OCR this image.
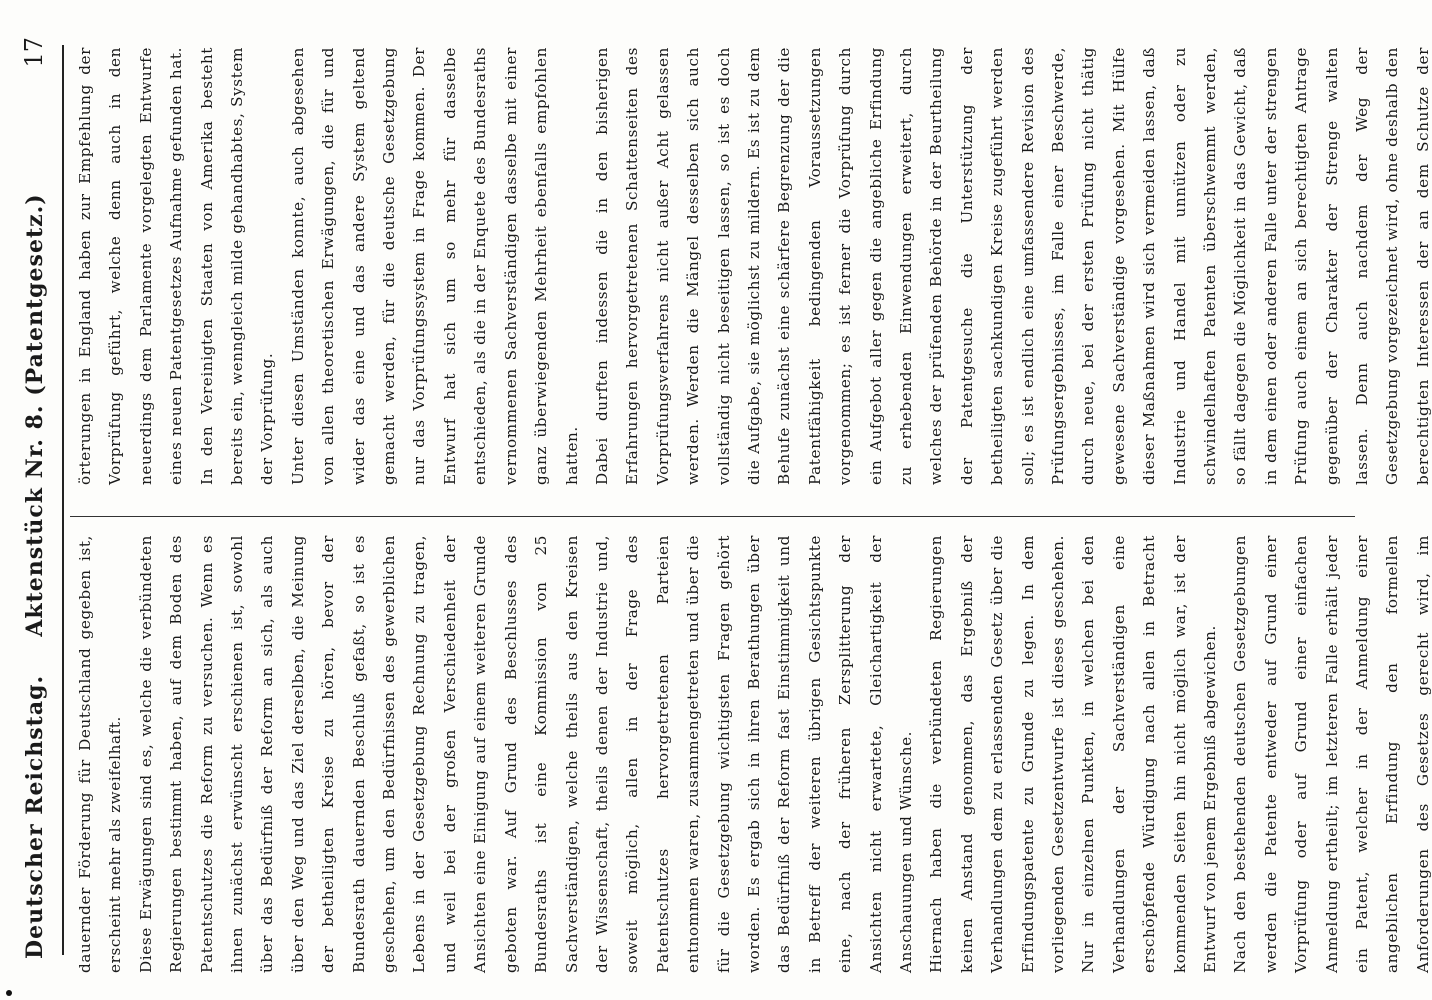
Deutscher Reichstag.
Aktenstück Nr. 8. (Patentgesetz.)
17

dauernder Förderung für Deutschland gegeben ist, erscheint mehr als zweifelhaft. Diese Erwägungen sind es, welche die verbündeten Regierungen bestimmt haben, auf dem Boden des Patentschutzes die Reform zu versuchen. Wenn es ihnen zunächst erwünscht erschienen ist, sowohl über das Bedürfniß der Reform an sich, als auch über den Weg und das Ziel derselben, die Meinung der betheiligten Kreise zu hören, bevor der Bundesrath dauernden Beschluß gefaßt, so ist es geschehen, um den Bedürfnissen des gewerblichen Lebens in der Gesetzgebung Rechnung zu tragen, und weil bei der großen Verschiedenheit der Ansichten eine Einigung auf einem weiteren Grunde geboten war. Auf Grund des Beschlusses des Bundesraths ist eine Kommission von 25 Sachverständigen, welche theils aus den Kreisen der Wissenschaft, theils denen der Industrie und, soweit möglich, allen in der Frage des Patentschutzes hervorgetretenen Parteien entnommen waren, zusammengetreten und über die für die Gesetzgebung wichtigsten Fragen gehört worden. Es ergab sich in ihren Berathungen über das Bedürfniß der Reform fast Einstimmigkeit und in Betreff der weiteren übrigen Gesichtspunkte eine, nach der früheren Zersplitterung der Ansichten nicht erwartete, Gleichartigkeit der Anschauungen und Wünsche. Hiernach haben die verbündeten Regierungen keinen Anstand genommen, das Ergebniß der Verhandlungen dem zu erlassenden Gesetz über die Erfindungspatente zu Grunde zu legen. In dem vorliegenden Gesetzentwurfe ist dieses geschehen. Nur in einzelnen Punkten, in welchen bei den Verhandlungen der Sachverständigen eine erschöpfende Würdigung nach allen in Betracht kommenden Seiten hin nicht möglich war, ist der Entwurf von jenem Ergebniß abgewichen. Nach den bestehenden deutschen Gesetzgebungen werden die Patente entweder auf Grund einer Vorprüfung oder auf Grund einer einfachen Anmeldung ertheilt; im letzteren Falle erhält jeder ein Patent, welcher in der Anmeldung einer angeblichen Erfindung den formellen Anforderungen des Gesetzes gerecht wird, im

örterungen in England haben zur Empfehlung der Vorprüfung geführt, welche denn auch in den neuerdings dem Parlamente vorgelegten Entwurfe eines neuen Patentgesetzes Aufnahme gefunden hat. In den Vereinigten Staaten von Amerika besteht bereits ein, wenngleich milde gehandhabtes, System der Vorprüfung. Unter diesen Umständen konnte, auch abgesehen von allen theoretischen Erwägungen, die für und wider das eine und das andere System geltend gemacht werden, für die deutsche Gesetzgebung nur das Vorprüfungssystem in Frage kommen. Der Entwurf hat sich um so mehr für dasselbe entschieden, als die in der Enquete des Bundesraths vernommenen Sachverständigen dasselbe mit einer ganz überwiegenden Mehrheit ebenfalls empfohlen hatten. Dabei durften indessen die in den bisherigen Erfahrungen hervorgetretenen Schattenseiten des Vorprüfungsverfahrens nicht außer Acht gelassen werden. Werden die Mängel desselben sich auch vollständig nicht beseitigen lassen, so ist es doch die Aufgabe, sie möglichst zu mildern. Es ist zu dem Behufe zunächst eine schärfere Begrenzung der die Patentfähigkeit bedingenden Voraussetzungen vorgenommen; es ist ferner die Vorprüfung durch ein Aufgebot aller gegen die angebliche Erfindung zu erhebenden Einwendungen erweitert, durch welches der prüfenden Behörde in der Beurtheilung der Patentgesuche die Unterstützung der betheiligten sachkundigen Kreise zugeführt werden soll; es ist endlich eine umfassendere Revision des Prüfungsergebnisses, im Falle einer Beschwerde, durch neue, bei der ersten Prüfung nicht thätig gewesene Sachverständige vorgesehen. Mit Hülfe dieser Maßnahmen wird sich vermeiden lassen, daß Industrie und Handel mit unnützen oder zu schwindelhaften Patenten überschwemmt werden, so fällt dagegen die Möglichkeit in das Gewicht, daß in dem einen oder anderen Falle unter der strengen Prüfung auch einem an sich berechtigten Antrage gegenüber der Charakter der Strenge walten lassen. Denn auch nachdem der Weg der Gesetzgebung vorgezeichnet wird, ohne deshalb den berechtigten Interessen der an dem Schutze der
